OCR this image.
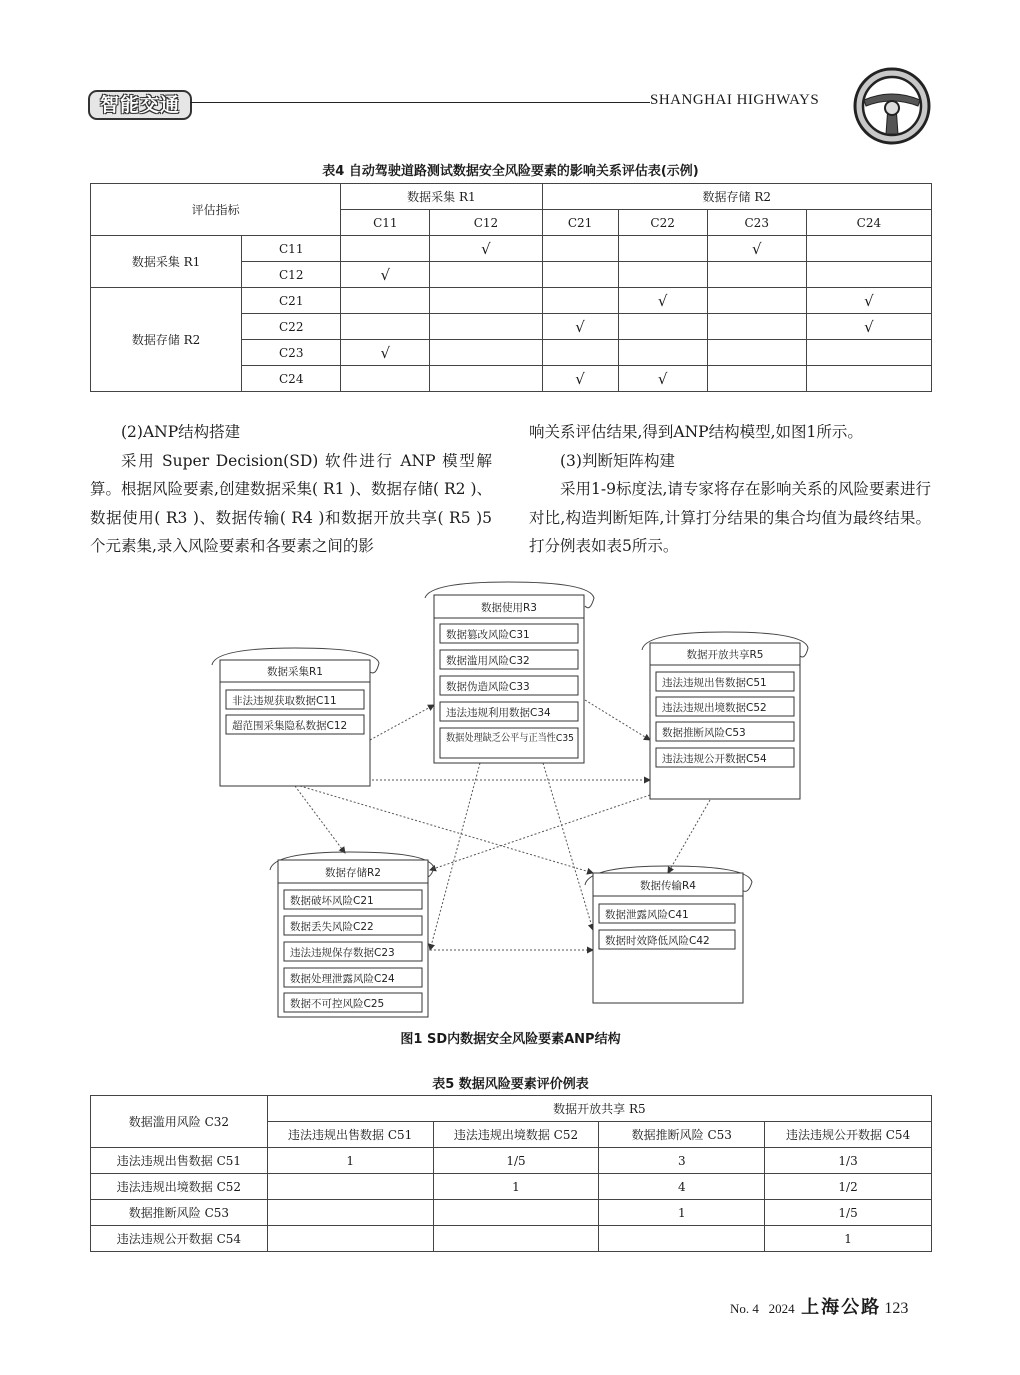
智能交通	SHANGHAI HIGHWAYS
表4 自动驾驶道路测试数据安全风险要素的影响关系评估表(示例)
评估指标		数据采集 R1		数据存储 R2			
		C11	C12	C21	C22	C23	C24
数据采集 R1	C11		√			√	
	C12	√					
数据存储 R2	C21				√		√
	C22			√			√
	C23	√					
	C24			√	√		
(2)ANP结构搭建
采用 Super Decision(SD) 软件进行 ANP 模型解算。根据风险要素,创建数据采集( R1 )、数据存储( R2 )、数据使用( R3 )、数据传输( R4 )和数据开放共享( R5 )5个元素集,录入风险要素和各要素之间的影
响关系评估结果,得到ANP结构模型,如图1所示。
(3)判断矩阵构建
采用1-9标度法,请专家将存在影响关系的风险要素进行对比,构造判断矩阵,计算打分结果的集合均值为最终结果。打分例表如表5所示。
数据使用R3
数据篡改风险C31
数据滥用风险C32
数据伪造风险C33
违法违规利用数据C34
数据处理缺乏公平与正当性C35
数据采集R1
非法违规获取数据C11
超范围采集隐私数据C12
数据开放共享R5
违法违规出售数据C51
违法违规出境数据C52
数据推断风险C53
违法违规公开数据C54
数据存储R2
数据破坏风险C21
数据丢失风险C22
违法违规保存数据C23
数据处理泄露风险C24
数据不可控风险C25
数据传输R4
数据泄露风险C41
数据时效降低风险C42
图1 SD内数据安全风险要素ANP结构
表5 数据风险要素评价例表
数据滥用风险 C32	数据开放共享 R5			
	违法违规出售数据 C51	违法违规出境数据 C52	数据推断风险 C53	违法违规公开数据 C54
违法违规出售数据 C51	1	1/5	3	1/3
违法违规出境数据 C52		1	4	1/2
数据推断风险 C53			1	1/5
违法违规公开数据 C54				1
No. 4 2024 上海公路 123
